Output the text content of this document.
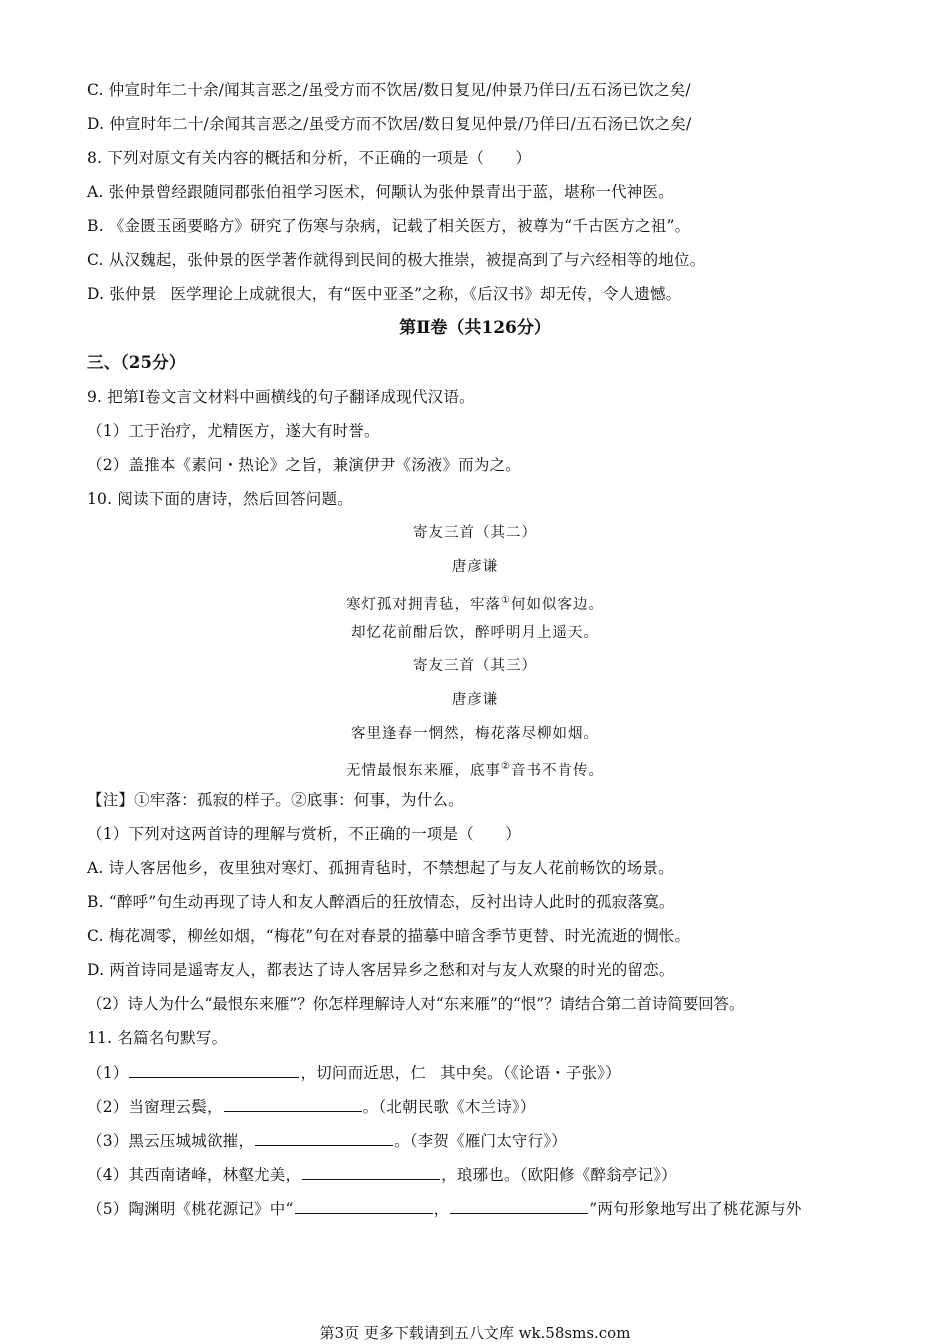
C. 仲宣时年二十余/闻其言恶之/虽受方而不饮居/数日复见/仲景乃佯曰/五石汤已饮之矣/
D. 仲宣时年二十/余闻其言恶之/虽受方而不饮居/数日复见仲景/乃佯曰/五石汤已饮之矣/
8. 下列对原文有关内容的概括和分析，不正确的一项是（　　）
A. 张仲景曾经跟随同郡张伯祖学习医术，何颙认为张仲景青出于蓝，堪称一代神医。
B. 《金匮玉函要略方》研究了伤寒与杂病，记载了相关医方，被尊为“千古医方之祖”。
C. 从汉魏起，张仲景的医学著作就得到民间的极大推崇，被提高到了与六经相等的地位。
D. 张仲景 医学理论上成就很大，有“医中亚圣”之称，《后汉书》却无传，令人遗憾。
第Ⅱ卷（共126分）
三、（25分）
9. 把第Ⅰ卷文言文材料中画横线的句子翻译成现代汉语。
（1）工于治疗，尤精医方，遂大有时誉。
（2）盖推本《素问・热论》之旨，兼演伊尹《汤液》而为之。
10. 阅读下面的唐诗，然后回答问题。
寄友三首（其二）
唐彦谦
寒灯孤对拥青毡，牢落①何如似客边。
却忆花前酣后饮，醉呼明月上遥天。
寄友三首（其三）
唐彦谦
客里逢春一惘然，梅花落尽柳如烟。
无情最恨东来雁，底事②音书不肯传。
【注】①牢落：孤寂的样子。②底事：何事，为什么。
（1）下列对这两首诗的理解与赏析，不正确的一项是（　　）
A. 诗人客居他乡，夜里独对寒灯、孤拥青毡时，不禁想起了与友人花前畅饮的场景。
B. “醉呼”句生动再现了诗人和友人醉酒后的狂放情态，反衬出诗人此时的孤寂落寞。
C. 梅花凋零，柳丝如烟，“梅花”句在对春景的描摹中暗含季节更替、时光流逝的惆怅。
D. 两首诗同是遥寄友人，都表达了诗人客居异乡之愁和对与友人欢聚的时光的留恋。
（2）诗人为什么“最恨东来雁”？你怎样理解诗人对“东来雁”的“恨”？请结合第二首诗简要回答。
11. 名篇名句默写。
（1）	，切问而近思，仁 其中矣。（《论语・子张》）
（2）当窗理云鬓，	。（北朝民歌《木兰诗》）
（3）黑云压城城欲摧，	。（李贺《雁门太守行》）
（4）其西南诸峰，林壑尤美，	，琅琊也。（欧阳修《醉翁亭记》）
（5）陶渊明《桃花源记》中“	，	”两句形象地写出了桃花源与外
第3页 更多下载请到五八文库 wk.58sms.com
